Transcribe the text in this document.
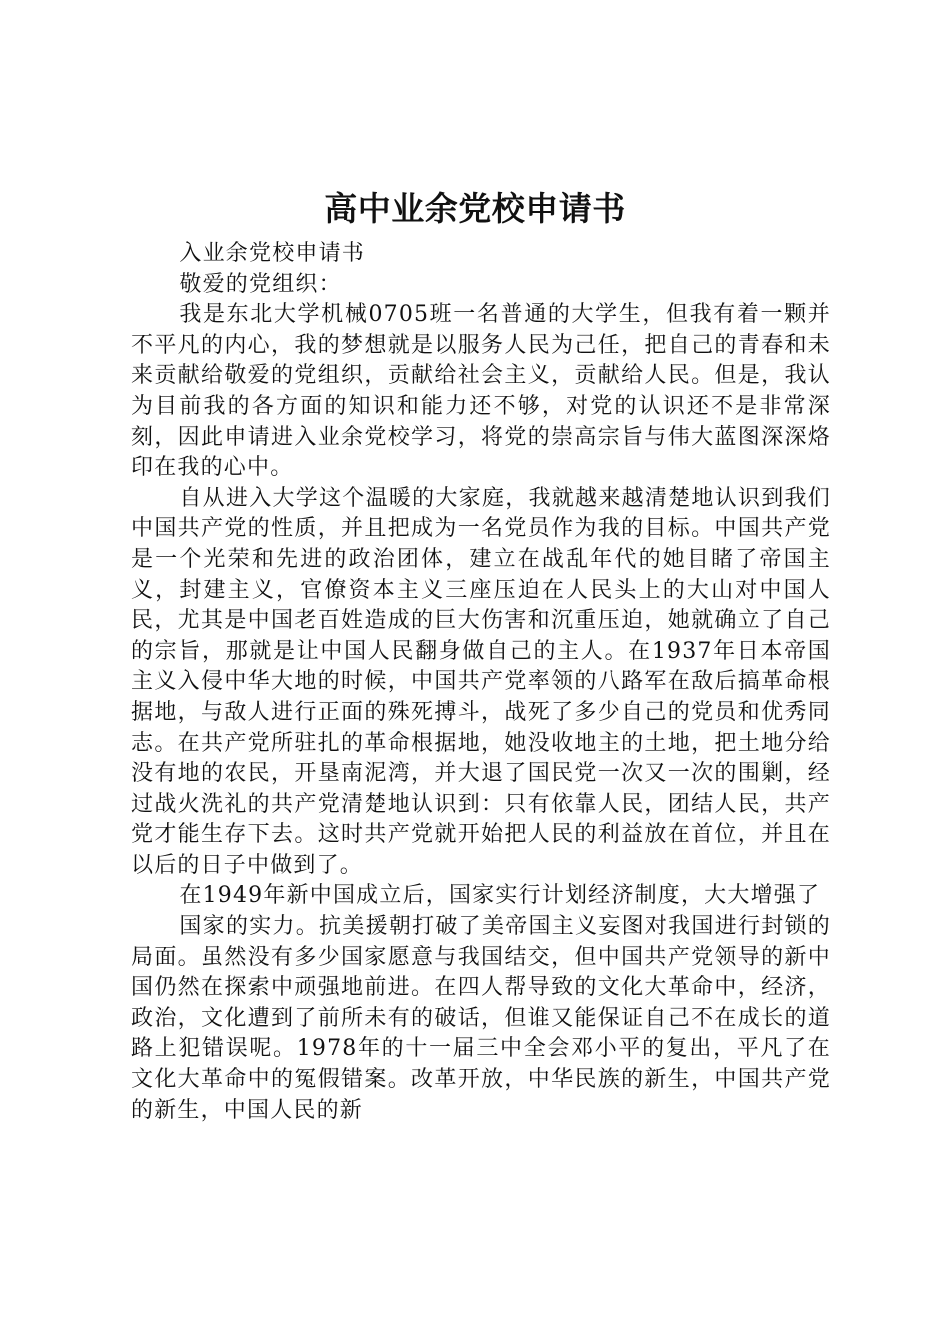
高中业余党校申请书

入业余党校申请书

敬爱的党组织：

我是东北大学机械0705班一名普通的大学生，但我有着一颗并不平凡的内心，我的梦想就是以服务人民为己任，把自己的青春和未来贡献给敬爱的党组织，贡献给社会主义，贡献给人民。但是，我认为目前我的各方面的知识和能力还不够，对党的认识还不是非常深刻，因此申请进入业余党校学习，将党的崇高宗旨与伟大蓝图深深烙印在我的心中。

自从进入大学这个温暖的大家庭，我就越来越清楚地认识到我们中国共产党的性质，并且把成为一名党员作为我的目标。中国共产党是一个光荣和先进的政治团体，建立在战乱年代的她目睹了帝国主义，封建主义，官僚资本主义三座压迫在人民头上的大山对中国人民，尤其是中国老百姓造成的巨大伤害和沉重压迫，她就确立了自己的宗旨，那就是让中国人民翻身做自己的主人。在1937年日本帝国主义入侵中华大地的时候，中国共产党率领的八路军在敌后搞革命根据地，与敌人进行正面的殊死搏斗，战死了多少自己的党员和优秀同志。在共产党所驻扎的革命根据地，她没收地主的土地，把土地分给没有地的农民，开垦南泥湾，并大退了国民党一次又一次的围剿，经过战火洗礼的共产党清楚地认识到：只有依靠人民，团结人民，共产党才能生存下去。这时共产党就开始把人民的利益放在首位，并且在以后的日子中做到了。

在1949年新中国成立后，国家实行计划经济制度，大大增强了

国家的实力。抗美援朝打破了美帝国主义妄图对我国进行封锁的局面。虽然没有多少国家愿意与我国结交，但中国共产党领导的新中国仍然在探索中顽强地前进。在四人帮导致的文化大革命中，经济，政治，文化遭到了前所未有的破话，但谁又能保证自己不在成长的道路上犯错误呢。1978年的十一届三中全会邓小平的复出，平凡了在文化大革命中的冤假错案。改革开放，中华民族的新生，中国共产党的新生，中国人民的新
